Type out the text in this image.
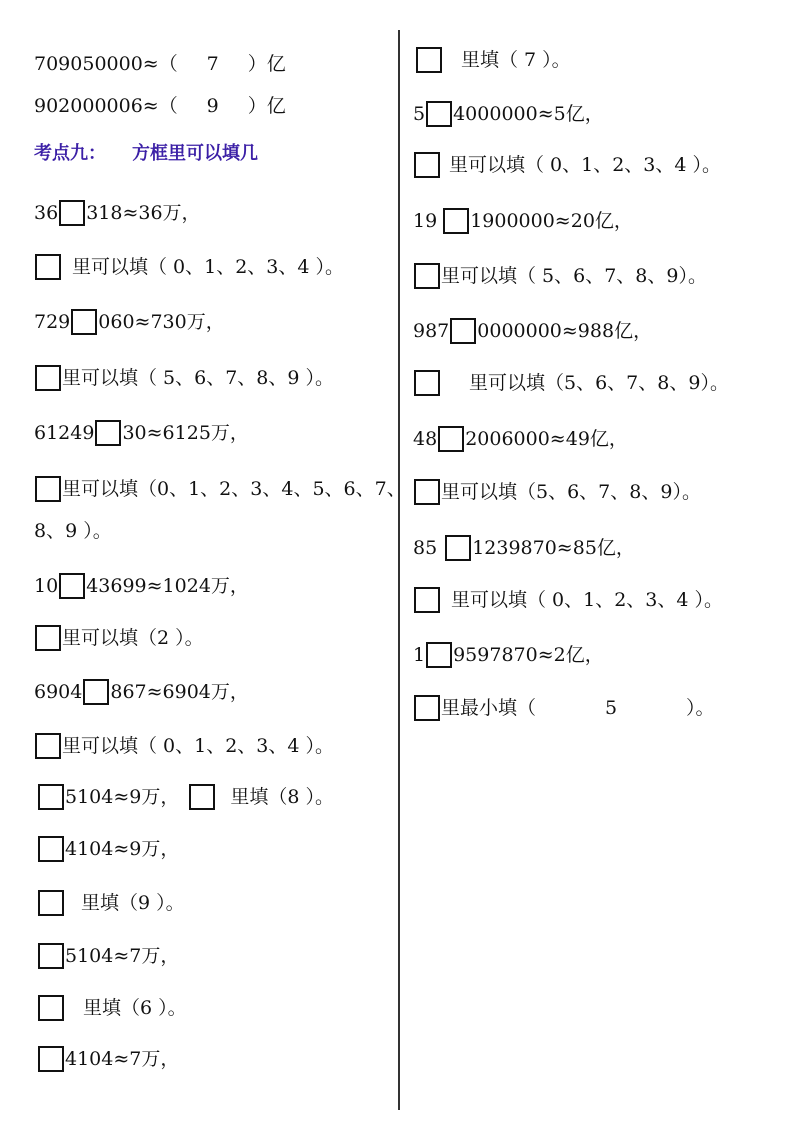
709050000≈（ 7 ）亿
902000006≈（ 9 ）亿
考点九： 方框里可以填几
36 318≈36万，
里可以填（ 0、1、2、3、4 ）。
729 060≈730万，
里可以填（ 5、6、7、8、9 ）。
61249 30≈6125万，
里可以填（0、1、2、3、4、5、6、7、
8、9 ）。
10 43699≈1024万，
里可以填（2 ）。
6904 867≈6904万，
里可以填（ 0、1、2、3、4 ）。
5104≈9万，	里填（8 ）。
4104≈9万，
里填（9 ）。
5104≈7万，
里填（6 ）。
4104≈7万，
里填（ 7 ）。
5 4000000≈5亿，
里可以填（ 0、1、2、3、4 ）。
19 1900000≈20亿，
里可以填（ 5、6、7、8、9）。
987 0000000≈988亿，
里可以填（5、6、7、8、9）。
48 2006000≈49亿，
里可以填（5、6、7、8、9）。
85 1239870≈85亿，
里可以填（ 0、1、2、3、4 ）。
1 9597870≈2亿，
里最小填（	5	）。
